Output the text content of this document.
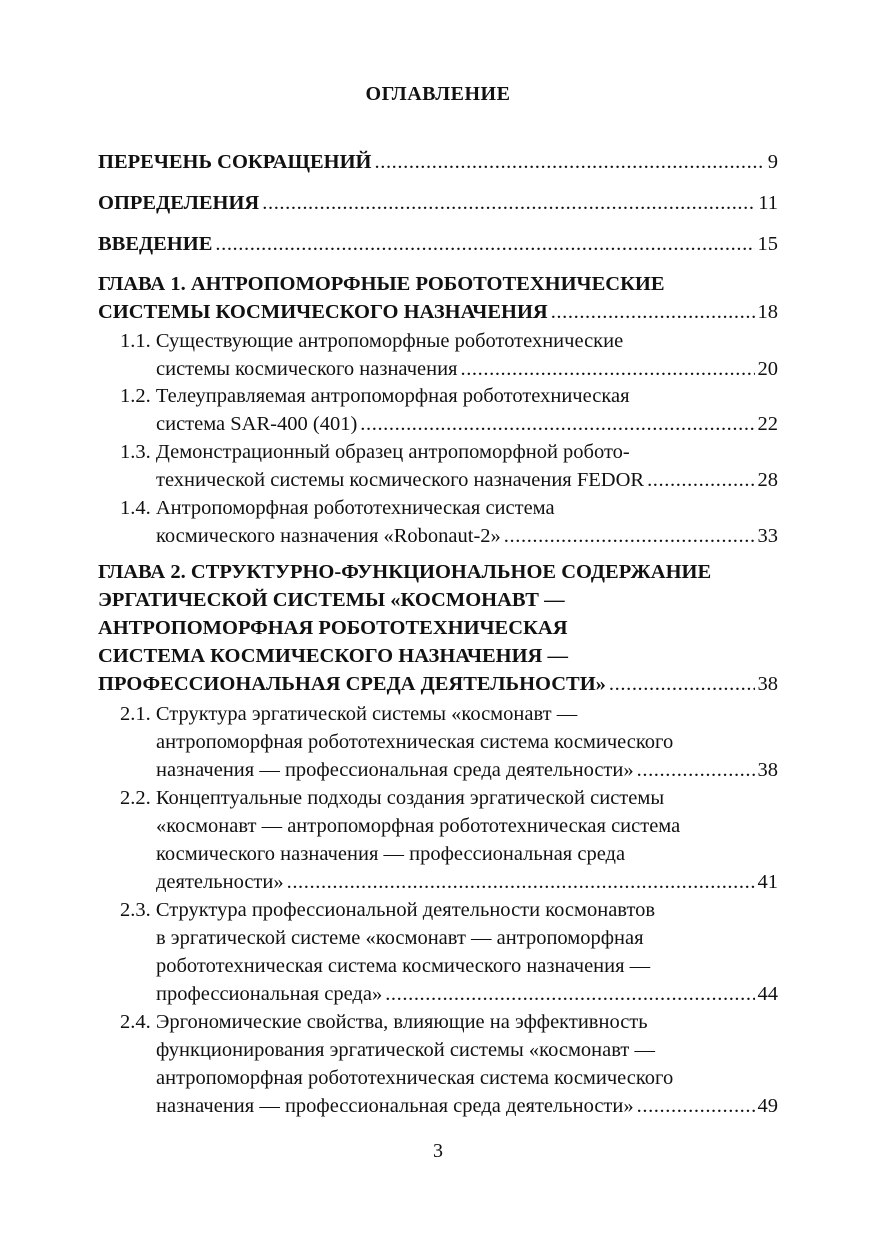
ОГЛАВЛЕНИЕ
ПЕРЕЧЕНЬ СОКРАЩЕНИЙ .....	9
ОПРЕДЕЛЕНИЯ .....	11
ВВЕДЕНИЕ .....	15
ГЛАВА 1. АНТРОПОМОРФНЫЕ РОБОТОТЕХНИЧЕСКИЕ
СИСТЕМЫ КОСМИЧЕСКОГО НАЗНАЧЕНИЯ .....	18
1.1. Существующие антропоморфные робототехнические
системы космического назначения .....	20
1.2. Телеуправляемая антропоморфная робототехническая
система SAR-400 (401) .....	22
1.3. Демонстрационный образец антропоморфной робото-
технической системы космического назначения FEDOR .....	28
1.4. Антропоморфная робототехническая система
космического назначения «Robonaut-2» .....	33
ГЛАВА 2. СТРУКТУРНО-ФУНКЦИОНАЛЬНОЕ СОДЕРЖАНИЕ
ЭРГАТИЧЕСКОЙ СИСТЕМЫ «КОСМОНАВТ —
АНТРОПОМОРФНАЯ РОБОТОТЕХНИЧЕСКАЯ
СИСТЕМА КОСМИЧЕСКОГО НАЗНАЧЕНИЯ —
ПРОФЕССИОНАЛЬНАЯ СРЕДА ДЕЯТЕЛЬНОСТИ» .....	38
2.1. Структура эргатической системы «космонавт —
антропоморфная робототехническая система космического
назначения — профессиональная среда деятельности» .....	38
2.2. Концептуальные подходы создания эргатической системы
«космонавт — антропоморфная робототехническая система
космического назначения — профессиональная среда
деятельности» .....	41
2.3. Структура профессиональной деятельности космонавтов
в эргатической системе «космонавт — антропоморфная
робототехническая система космического назначения —
профессиональная среда» .....	44
2.4. Эргономические свойства, влияющие на эффективность
функционирования эргатической системы «космонавт —
антропоморфная робототехническая система космического
назначения — профессиональная среда деятельности» .....	49
3
